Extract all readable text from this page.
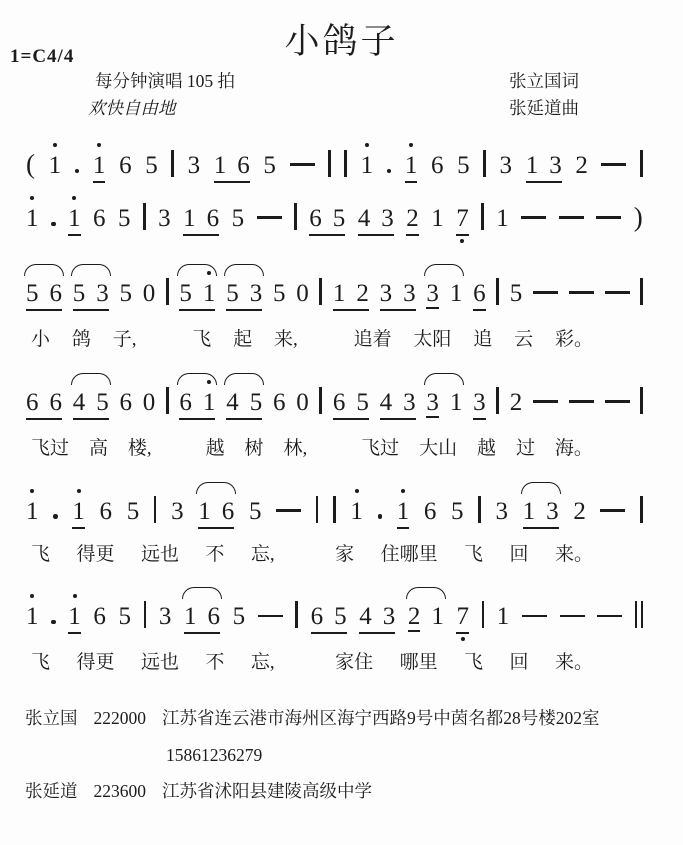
1=C4/4	小鸽子
每分钟演唱 105 拍	张立国词
欢快自由地	张延道曲
( 1 1 6 5 3 1 6 5	1 1 6 5 3 1 3 2
1 1 6 5 3 1 6 5	6 5 4 3 2 1 7 1	)
5 6 5 3 5 0 5 1 5 3 5 0 1 2 3 3 3 1 6 5
小 鸽 子,	飞 起 来,	追着 太阳 追 云 彩。
6 6 4 5 6 0 6 1 4 5 6 0 6 5 4 3 3 1 3 2
飞过 高 楼,	越 树 林,	飞过 大山 越 过 海。
1 1 6 5 3 1 6 5	1 1 6 5 3 1 3 2
飞 得更 远也 不 忘,	家 住哪里 飞 回 来。
1 1 6 5 3 1 6 5	6 5 4 3 2 1 7 1
飞 得更 远也 不 忘,	家住 哪里 飞 回 来。
张立国 222000 江苏省连云港市海州区海宁西路9号中茵名都28号楼202室
15861236279
张延道 223600 江苏省沭阳县建陵高级中学
